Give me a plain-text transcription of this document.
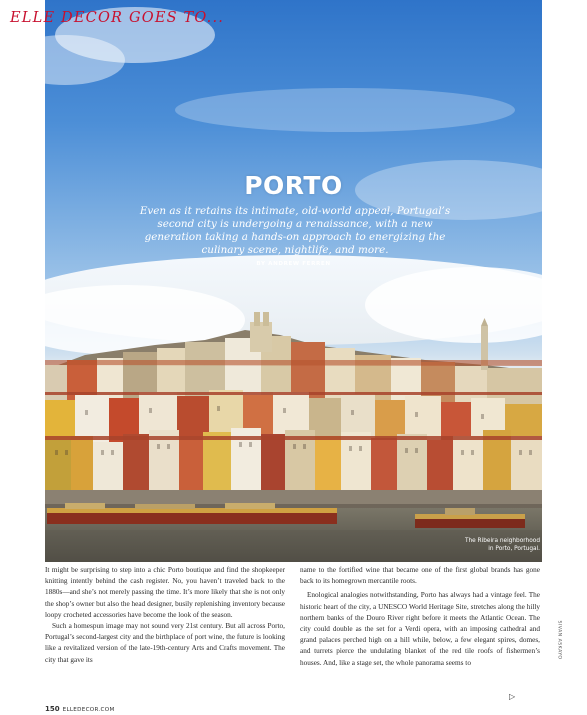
ELLE DECOR GOES TO...
PORTO
Even as it retains its intimate, old-world appeal, Portugal’s second city is undergoing a renaissance, with a new generation taking a hands-on approach to energizing the culinary scene, nightlife, and more.
BY ANDREW FERREN
The Ribeira neighborhood
in Porto, Portugal.

It might be surprising to step into a chic Porto boutique and find the shopkeeper knitting intently behind the cash register. No, you haven’t traveled back to the 1880s—and she’s not merely passing the time. It’s more likely that she is not only the shop’s owner but also the head designer, busily replenishing inventory because loopy crocheted accessories have become the look of the season.

Such a homespun image may not sound very 21st century. But all across Porto, Portugal’s second-largest city and the birthplace of port wine, the future is looking like a revitalized version of the late-19th-century Arts and Crafts movement. The city that gave its

name to the fortified wine that became one of the first global brands has gone back to its homegrown mercantile roots.

Enological analogies notwithstanding, Porto has always had a vintage feel. The historic heart of the city, a UNESCO World Heritage Site, stretches along the hilly northern banks of the Douro River right before it meets the Atlantic Ocean. The city could double as the set for a Verdi opera, with an imposing cathedral and grand palaces perched high on a hill while, below, a few elegant spires, domes, and turrets pierce the undulating blanket of the red tile roofs of fishermen’s houses. And, like a stage set, the whole panorama seems to

SIVAN ASKAYO
150 ELLEDECOR.COM
▷
